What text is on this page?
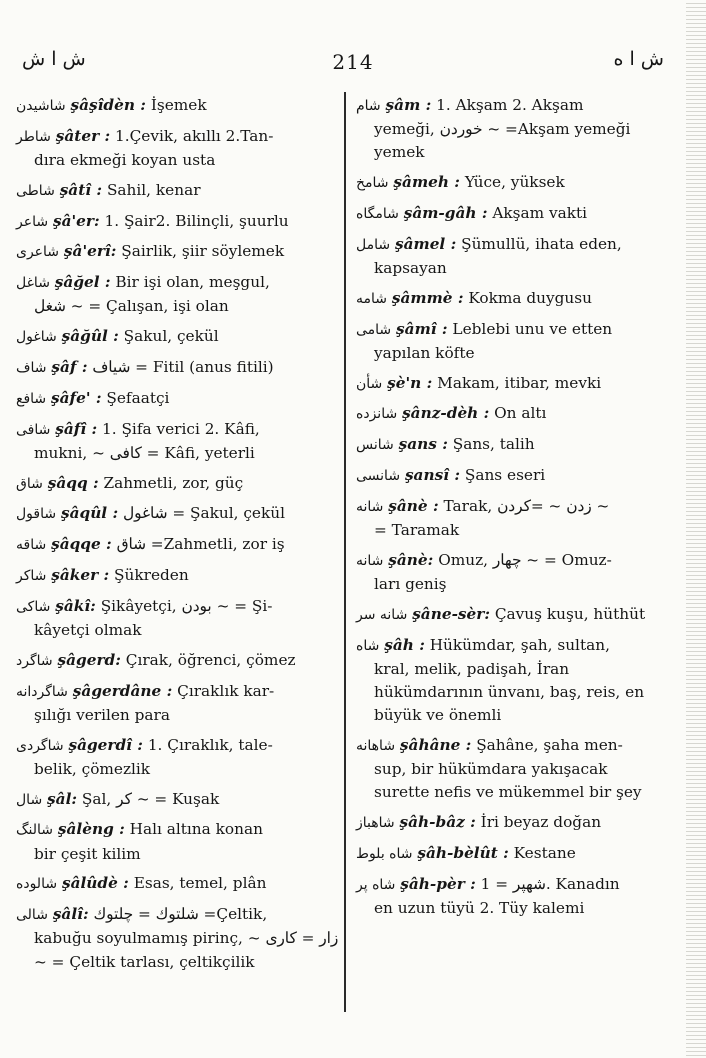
ش ا ش	214	ش ا ه
شاشيدن şâşîdèn : İşemek
شاطر şâter : 1.Çevik, akıllı 2.Tan-
dıra ekmeği koyan usta
شاطى şâtî : Sahil, kenar
شاعر şâ'er: 1. Şair2. Bilinçli, şuurlu
شاعرى şâ'erî: Şairlik, şiir söylemek
شاغل şâğel : Bir işi olan, meşgul,
شغل ~ = Çalışan, işi olan
شاغول şâğûl : Şakul, çekül
شاف şâf : شياف = Fitil (anus fitili)
شافع şâfe' : Şefaatçi
شافى şâfî : 1. Şifa verici 2. Kâfi,
mukni, ~ كافى = Kâfi, yeterli
شاق şâqq : Zahmetli, zor, güç
شاقول şâqûl : شاغول = Şakul, çekül
شاقه şâqqe : شاق =Zahmetli, zor iş
شاكر şâker : Şükreden
شاكى şâkî: Şikâyetçi, بودن ~ = Şi-
kâyetçi olmak
شاگرد şâgerd: Çırak, öğrenci, çömez
شاگردانه şâgerdâne : Çıraklık kar-
şılığı verilen para
شاگردى şâgerdî : 1. Çıraklık, tale-
belik, çömezlik
شال şâl: Şal, كر ~ = Kuşak
شالنگ şâlèng : Halı altına konan
bir çeşit kilim
شالوده şâlûdè : Esas, temel, plân
شالى şâlî: شلتوك = چلتوك =Çeltik,
kabuğu soyulmamış pirinç, ~ زار = كارى ~ = Çeltik tarlası, çeltikçilik
شام şâm : 1. Akşam 2. Akşam
yemeği, خوردن ~ =Akşam yemeği yemek
شامخ şâmeh : Yüce, yüksek
شامگاه şâm-gâh : Akşam vakti
شامل şâmel : Şümullü, ihata eden,
kapsayan
شامه şâmmè : Kokma duygusu
شامى şâmî : Leblebi unu ve etten
yapılan köfte
شأن şè'n : Makam, itibar, mevki
شانزده şânz-dèh : On altı
شانس şans : Şans, talih
شانسى şansî : Şans eseri
شانه şânè : Tarak, زدن ~ =كردن ~
= Taramak
شانه şânè: Omuz, چهار ~ = Omuz-
ları geniş
شانه سر şâne-sèr: Çavuş kuşu, hüthüt
شاه şâh : Hükümdar, şah, sultan,
kral, melik, padişah, İran hükümdarının ünvanı, baş, reis, en büyük ve önemli
شاهانه şâhâne : Şahâne, şaha men-
sup, bir hükümdara yakışacak surette nefis ve mükemmel bir şey
شاهباز şâh-bâz : İri beyaz doğan
شاه بلوط şâh-bèlût : Kestane
شاه پر şâh-pèr : شهپر = 1. Kanadın
en uzun tüyü 2. Tüy kalemi
